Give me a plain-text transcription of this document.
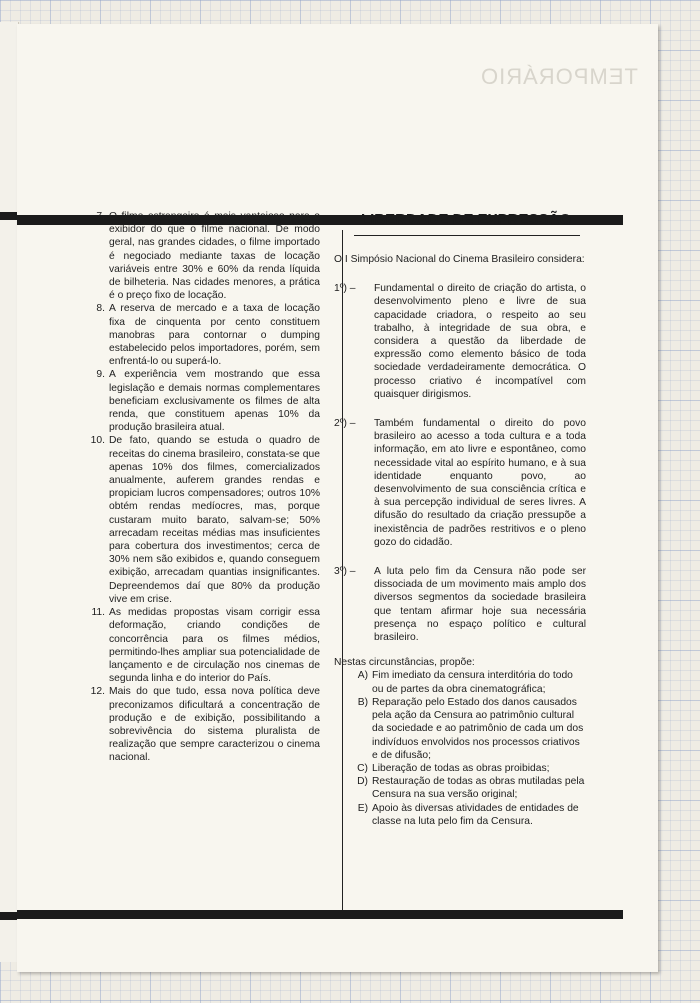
TEMPORÁRIO
7. O filme estrangeiro é mais vantajoso para o exibidor do que o filme nacional. De modo geral, nas grandes cidades, o filme importado é negociado mediante taxas de locação variáveis entre 30% e 60% da renda líquida de bilheteria. Nas cidades menores, a prática é o preço fixo de locação.
8. A reserva de mercado e a taxa de locação fixa de cinquenta por cento constituem manobras para contornar o dumping estabelecido pelos importadores, porém, sem enfrentá-lo ou superá-lo.
9. A experiência vem mostrando que essa legislação e demais normas complementares beneficiam exclusivamente os filmes de alta renda, que constituem apenas 10% da produção brasileira atual.
10. De fato, quando se estuda o quadro de receitas do cinema brasileiro, constata-se que apenas 10% dos filmes, comercializados anualmente, auferem grandes rendas e propiciam lucros compensadores; outros 10% obtém rendas medíocres, mas, porque custaram muito barato, salvam-se; 50% arrecadam receitas médias mas insuficientes para cobertura dos investimentos; cerca de 30% nem são exibidos e, quando conseguem exibição, arrecadam quantias insignificantes. Depreendemos daí que 80% da produção vive em crise.
11. As medidas propostas visam corrigir essa deformação, criando condições de concorrência para os filmes médios, permitindo-lhes ampliar sua potencialidade de lançamento e de circulação nos cinemas de segunda linha e do interior do País.
12. Mais do que tudo, essa nova política deve preconizamos dificultará a concentração de produção e de exibição, possibilitando a sobrevivência do sistema pluralista de realização que sempre caracterizou o cinema nacional.
LIBERDADE DE EXPRESSÃO
O I Simpósio Nacional do Cinema Brasileiro considera:
1º) –	Fundamental o direito de criação do artista, o desenvolvimento pleno e livre de sua capacidade criadora, o respeito ao seu trabalho, à integridade de sua obra, e considera a questão da liberdade de expressão como elemento básico de toda sociedade verdadeiramente democrática. O processo criativo é incompatível com quaisquer dirigismos.
2º) –	Também fundamental o direito do povo brasileiro ao acesso a toda cultura e a toda informação, em ato livre e espontâneo, como necessidade vital ao espírito humano, e à sua identidade enquanto povo, ao desenvolvimento de sua consciência crítica e à sua percepção individual de seres livres. A difusão do resultado da criação pressupõe a inexistência de padrões restritivos e o pleno gozo do cidadão.
3º) –	A luta pelo fim da Censura não pode ser dissociada de um movimento mais amplo dos diversos segmentos da sociedade brasileira que tentam afirmar hoje sua necessária presença no espaço político e cultural brasileiro.
Nestas circunstâncias, propõe:
A) Fim imediato da censura interditória do todo ou de partes da obra cinematográfica;
B) Reparação pelo Estado dos danos causados pela ação da Censura ao patrimônio cultural da sociedade e ao patrimônio de cada um dos indivíduos envolvidos nos processos criativos e de difusão;
C) Liberação de todas as obras proibidas;
D) Restauração de todas as obras mutiladas pela Censura na sua versão original;
E) Apoio às diversas atividades de entidades de classe na luta pelo fim da Censura.
